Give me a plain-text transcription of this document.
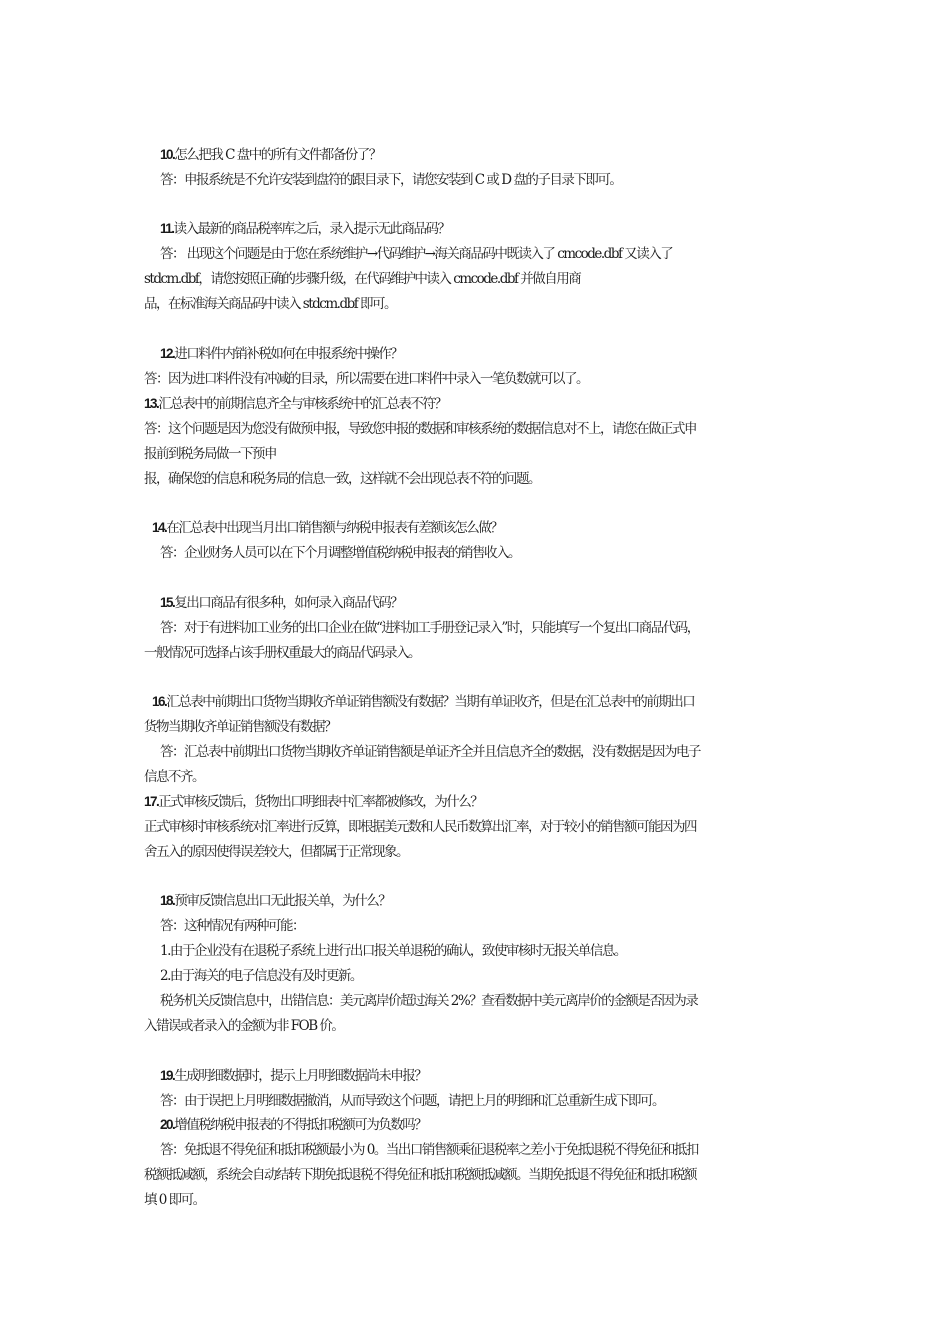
10.怎么把我 C 盘中的所有文件都备份了？
答：申报系统是不允许安装到盘符的跟目录下，请您安装到 C 或 D 盘的子目录下即可。
11.读入最新的商品税率库之后，录入提示无此商品码？
答： 出现这个问题是由于您在系统维护→代码维护→海关商品码中既读入了 cmcode.dbf 又读入了
stdcm.dbf，请您按照正确的步骤升级，在代码维护中读入 cmcode.dbf 并做自用商
品，在标准海关商品码中读入 stdcm.dbf 即可。
12.进口料件内销补税如何在申报系统中操作？
答：因为进口料件没有冲减的目录，所以需要在进口料件中录入一笔负数就可以了。
13.汇总表中的前期信息齐全与审核系统中的汇总表不符？
答：这个问题是因为您没有做预申报，导致您申报的数据和审核系统的数据信息对不上，请您在做正式申
报前到税务局做一下预申
报，确保您的信息和税务局的信息一致，这样就不会出现总表不符的问题。
14.在汇总表中出现当月出口销售额与纳税申报表有差额该怎么做？
答：企业财务人员可以在下个月调整增值税纳税申报表的销售收入。
15.复出口商品有很多种，如何录入商品代码？
答：对于有进料加工业务的出口企业在做“进料加工手册登记录入”时，只能填写一个复出口商品代码，
一般情况可选择占该手册权重最大的商品代码录入。
16.汇总表中前期出口货物当期收齐单证销售额没有数据？当期有单证收齐，但是在汇总表中的前期出口
货物当期收齐单证销售额没有数据？
答：汇总表中前期出口货物当期收齐单证销售额是单证齐全并且信息齐全的数据，没有数据是因为电子
信息不齐。
17.正式审核反馈后，货物出口明细表中汇率都被修改，为什么？
正式审核时审核系统对汇率进行反算，即根据美元数和人民币数算出汇率，对于较小的销售额可能因为四
舍五入的原因使得误差较大，但都属于正常现象。
18.预审反馈信息出口无此报关单，为什么？
答：这种情况有两种可能：
1.由于企业没有在退税子系统上进行出口报关单退税的确认，致使审核时无报关单信息。
2.由于海关的电子信息没有及时更新。
税务机关反馈信息中，出错信息：美元离岸价超过海关 2%？查看数据中美元离岸价的金额是否因为录
入错误或者录入的金额为非 FOB 价。
19.生成明细数据时，提示上月明细数据尚未申报？
答：由于误把上月明细数据撤消，从而导致这个问题，请把上月的明细和汇总重新生成下即可。
20.增值税纳税申报表的不得抵扣税额可为负数吗？
答：免抵退不得免征和抵扣税额最小为 0。当出口销售额乘征退税率之差小于免抵退税不得免征和抵扣
税额抵减额，系统会自动结转下期免抵退税不得免征和抵扣税额抵减额。当期免抵退不得免征和抵扣税额
填 0 即可。
